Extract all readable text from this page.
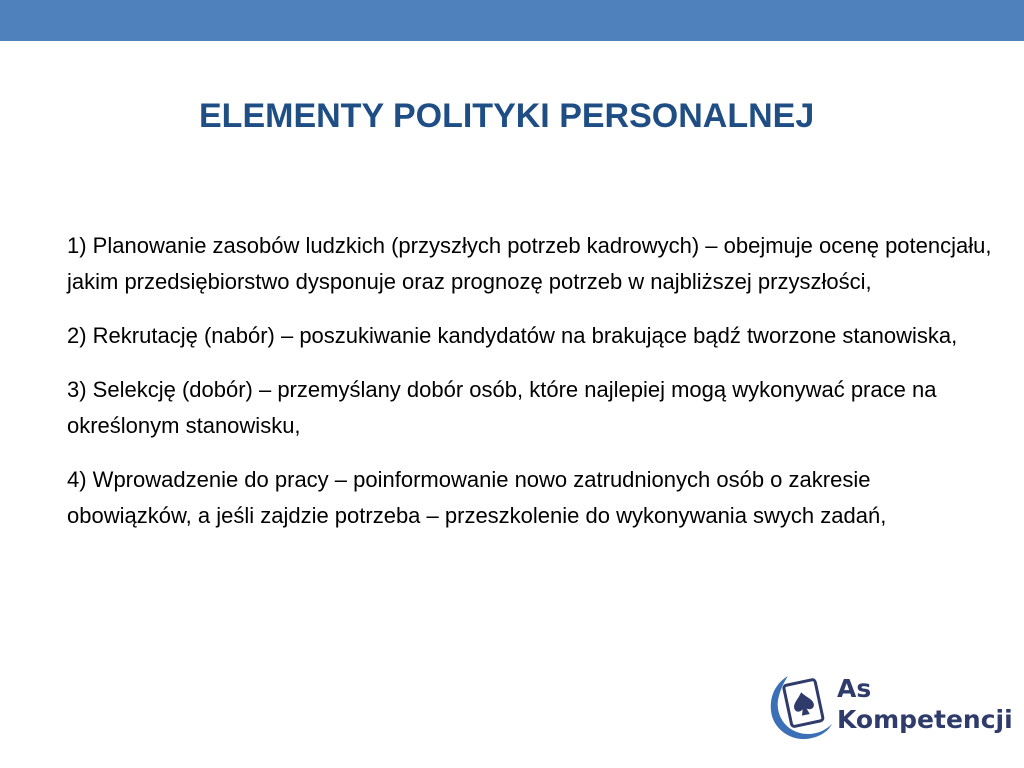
ELEMENTY POLITYKI PERSONALNEJ

1) Planowanie zasobów ludzkich (przyszłych potrzeb kadrowych) – obejmuje ocenę potencjału, jakim przedsiębiorstwo dysponuje oraz prognozę potrzeb w najbliższej przyszłości,

2) Rekrutację (nabór) – poszukiwanie kandydatów na brakujące bądź tworzone stanowiska,

3) Selekcję (dobór) – przemyślany dobór osób, które najlepiej mogą wykonywać prace na określonym stanowisku,

4) Wprowadzenie do pracy – poinformowanie nowo zatrudnionych osób o zakresie obowiązków, a jeśli zajdzie potrzeba – przeszkolenie do wykonywania swych zadań,

As
Kompetencji
